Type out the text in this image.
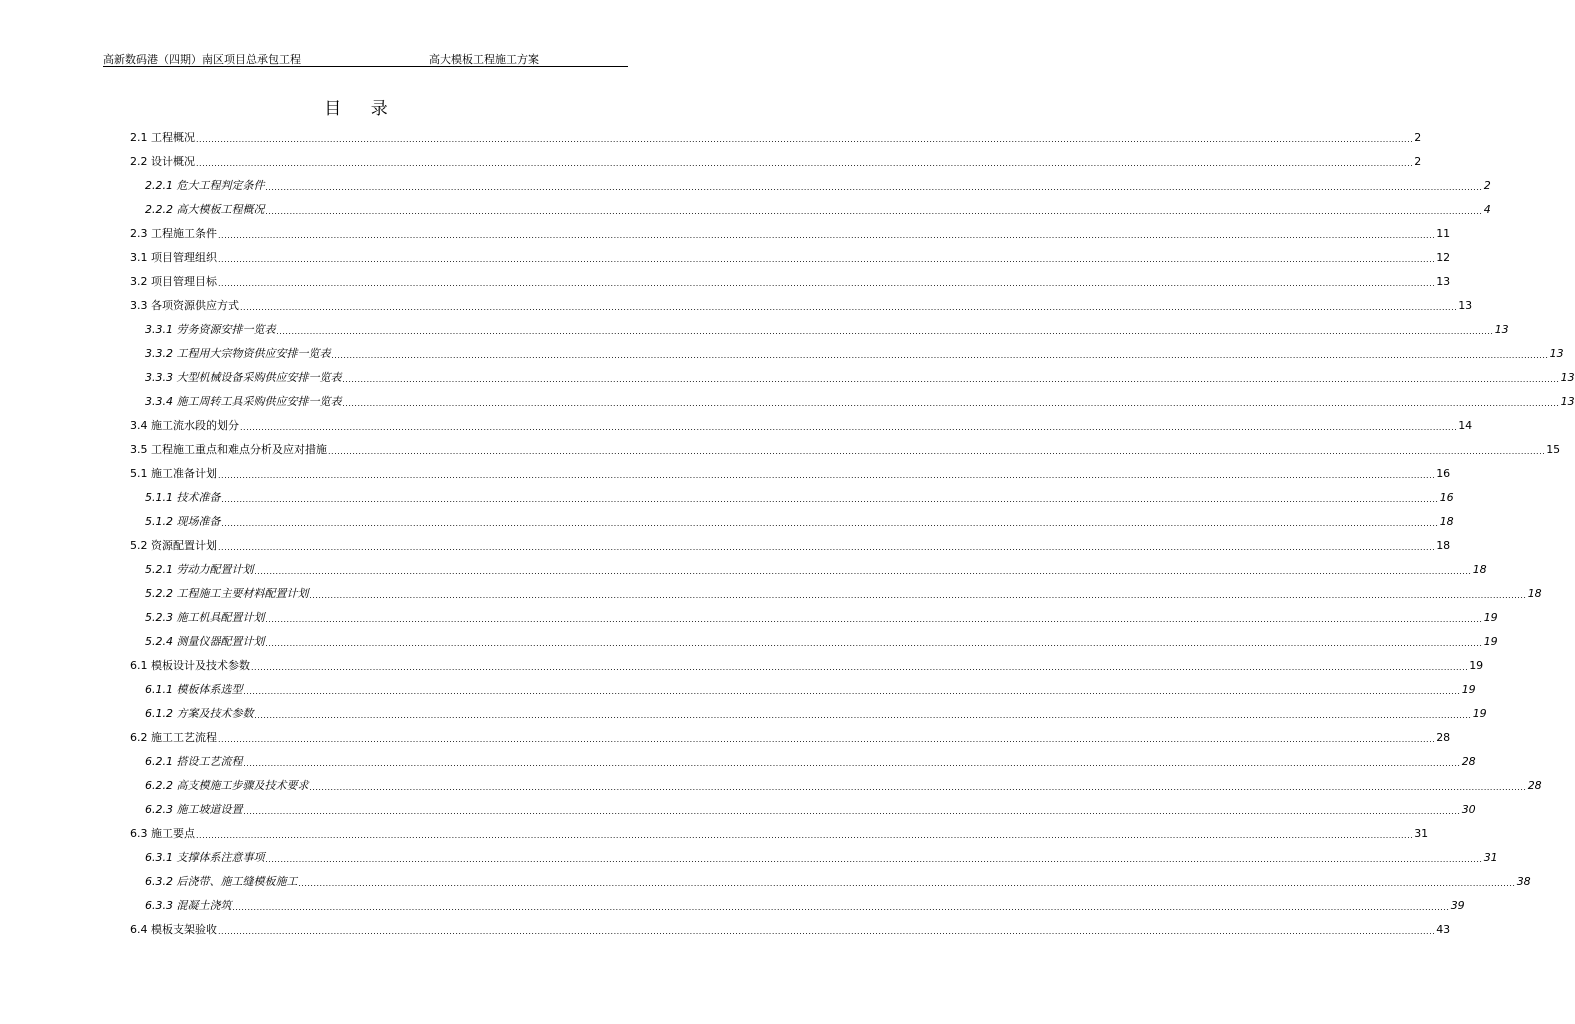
高新数码港（四期）南区项目总承包工程	高大模板工程施工方案
目 录
2.1 工程概况 ................................................................................................................................................................................................................................................................................................................................................................................................................ 2
2.2 设计概况 ................................................................................................................................................................................................................................................................................................................................................................................................................ 2
2.2.1 危大工程判定条件 ................................................................................................................................................................................................................................................................................................................................................................................................................ 2
2.2.2 高大模板工程概况 ................................................................................................................................................................................................................................................................................................................................................................................................................ 4
2.3 工程施工条件 ................................................................................................................................................................................................................................................................................................................................................................................................................ 11
3.1 项目管理组织 ................................................................................................................................................................................................................................................................................................................................................................................................................ 12
3.2 项目管理目标 ................................................................................................................................................................................................................................................................................................................................................................................................................ 13
3.3 各项资源供应方式 ................................................................................................................................................................................................................................................................................................................................................................................................................ 13
3.3.1 劳务资源安排一览表 ................................................................................................................................................................................................................................................................................................................................................................................................................ 13
3.3.2 工程用大宗物资供应安排一览表 ................................................................................................................................................................................................................................................................................................................................................................................................................ 13
3.3.3 大型机械设备采购供应安排一览表 ................................................................................................................................................................................................................................................................................................................................................................................................................ 13
3.3.4 施工周转工具采购供应安排一览表 ................................................................................................................................................................................................................................................................................................................................................................................................................ 13
3.4 施工流水段的划分 ................................................................................................................................................................................................................................................................................................................................................................................................................ 14
3.5 工程施工重点和难点分析及应对措施 ................................................................................................................................................................................................................................................................................................................................................................................................................ 15
5.1 施工准备计划 ................................................................................................................................................................................................................................................................................................................................................................................................................ 16
5.1.1 技术准备 ................................................................................................................................................................................................................................................................................................................................................................................................................ 16
5.1.2 现场准备 ................................................................................................................................................................................................................................................................................................................................................................................................................ 18
5.2 资源配置计划 ................................................................................................................................................................................................................................................................................................................................................................................................................ 18
5.2.1 劳动力配置计划 ................................................................................................................................................................................................................................................................................................................................................................................................................ 18
5.2.2 工程施工主要材料配置计划 ................................................................................................................................................................................................................................................................................................................................................................................................................ 18
5.2.3 施工机具配置计划 ................................................................................................................................................................................................................................................................................................................................................................................................................ 19
5.2.4 测量仪器配置计划 ................................................................................................................................................................................................................................................................................................................................................................................................................ 19
6.1 模板设计及技术参数 ................................................................................................................................................................................................................................................................................................................................................................................................................ 19
6.1.1 模板体系选型 ................................................................................................................................................................................................................................................................................................................................................................................................................ 19
6.1.2 方案及技术参数 ................................................................................................................................................................................................................................................................................................................................................................................................................ 19
6.2 施工工艺流程 ................................................................................................................................................................................................................................................................................................................................................................................................................ 28
6.2.1 搭设工艺流程 ................................................................................................................................................................................................................................................................................................................................................................................................................ 28
6.2.2 高支模施工步骤及技术要求 ................................................................................................................................................................................................................................................................................................................................................................................................................ 28
6.2.3 施工坡道设置 ................................................................................................................................................................................................................................................................................................................................................................................................................ 30
6.3 施工要点 ................................................................................................................................................................................................................................................................................................................................................................................................................ 31
6.3.1 支撑体系注意事项 ................................................................................................................................................................................................................................................................................................................................................................................................................ 31
6.3.2 后浇带、施工缝模板施工 ................................................................................................................................................................................................................................................................................................................................................................................................................ 38
6.3.3 混凝土浇筑 ................................................................................................................................................................................................................................................................................................................................................................................................................ 39
6.4 模板支架验收 ................................................................................................................................................................................................................................................................................................................................................................................................................ 43
